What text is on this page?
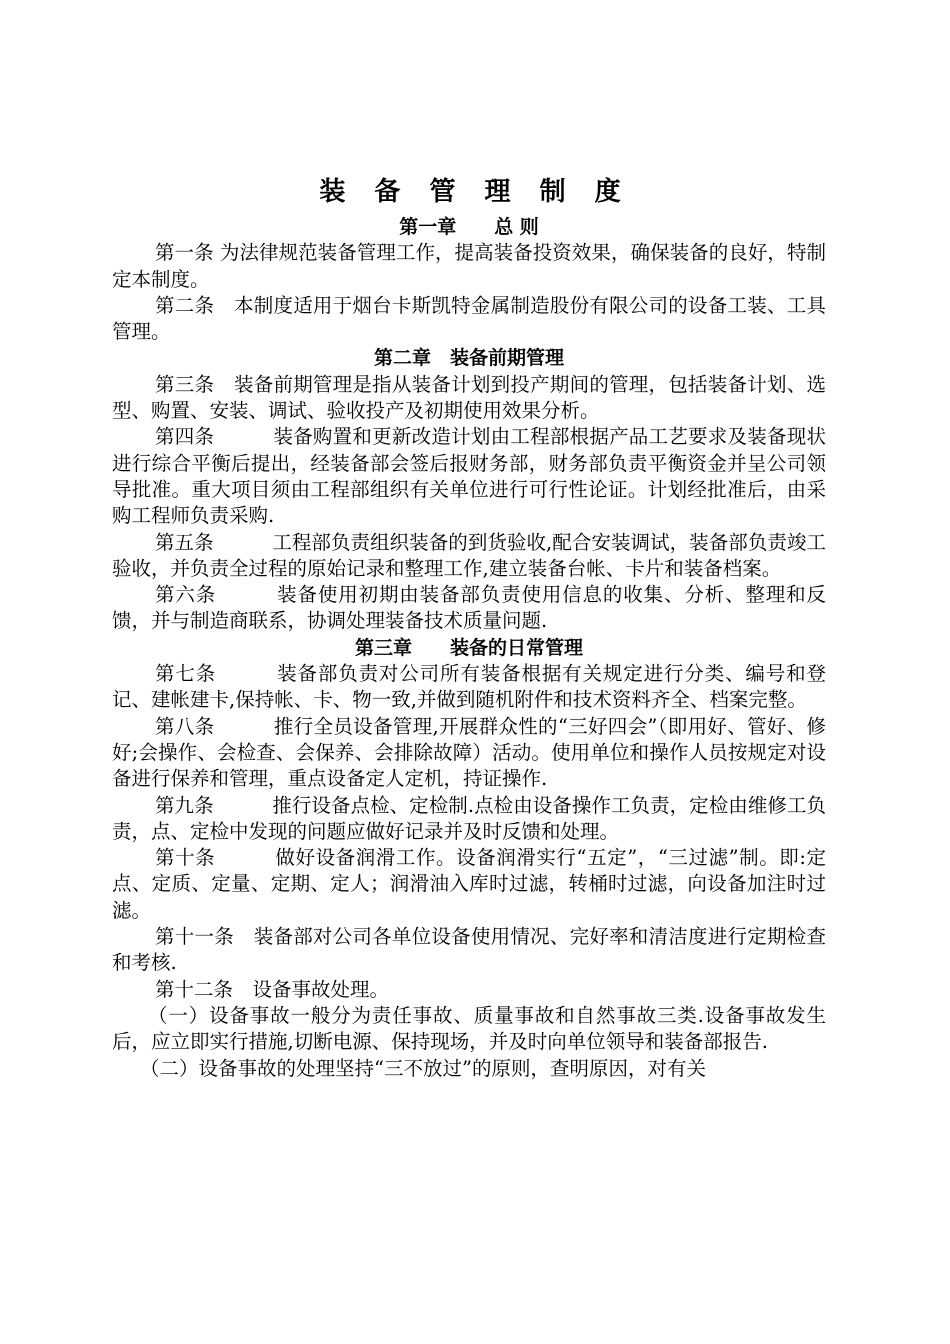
装 备 管 理 制 度

第一章　　总 则

第一条 为法律规范装备管理工作，提高装备投资效果，确保装备的良好，特制定本制度。

第二条　本制度适用于烟台卡斯凯特金属制造股份有限公司的设备工装、工具管理。

第二章　装备前期管理

第三条　装备前期管理是指从装备计划到投产期间的管理，包括装备计划、选型、购置、安装、调试、验收投产及初期使用效果分析。

第四条　　　装备购置和更新改造计划由工程部根据产品工艺要求及装备现状进行综合平衡后提出，经装备部会签后报财务部，财务部负责平衡资金并呈公司领导批准。重大项目须由工程部组织有关单位进行可行性论证。计划经批准后，由采购工程师负责采购.

第五条　　　工程部负责组织装备的到货验收,配合安装调试，装备部负责竣工验收，并负责全过程的原始记录和整理工作,建立装备台帐、卡片和装备档案。

第六条　　　装备使用初期由装备部负责使用信息的收集、分析、整理和反馈，并与制造商联系，协调处理装备技术质量问题.

第三章　　装备的日常管理

第七条　　　装备部负责对公司所有装备根据有关规定进行分类、编号和登记、建帐建卡,保持帐、卡、物一致,并做到随机附件和技术资料齐全、档案完整。

第八条　　　推行全员设备管理,开展群众性的“三好四会”（即用好、管好、修好;会操作、会检查、会保养、会排除故障）活动。使用单位和操作人员按规定对设备进行保养和管理，重点设备定人定机，持证操作.

第九条　　　推行设备点检、定检制.点检由设备操作工负责，定检由维修工负责，点、定检中发现的问题应做好记录并及时反馈和处理。

第十条　　　做好设备润滑工作。设备润滑实行“五定”，“三过滤”制。即:定点、定质、定量、定期、定人；润滑油入库时过滤，转桶时过滤，向设备加注时过滤。

第十一条　装备部对公司各单位设备使用情况、完好率和清洁度进行定期检查和考核.

第十二条　设备事故处理。

（一）设备事故一般分为责任事故、质量事故和自然事故三类.设备事故发生后，应立即实行措施,切断电源、保持现场，并及时向单位领导和装备部报告.

（二）设备事故的处理坚持“三不放过”的原则，查明原因，对有关
